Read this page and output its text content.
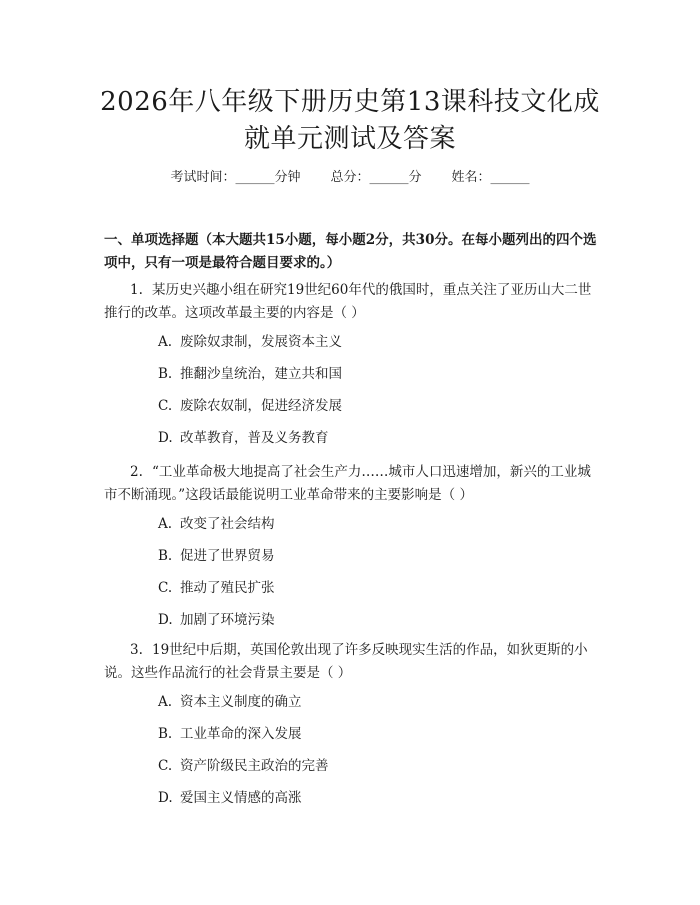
2026年八年级下册历史第13课科技文化成
就单元测试及答案
考试时间：______分钟 总分：______分 姓名：______
一、单项选择题（本大题共15小题，每小题2分，共30分。在每小题列出的四个选项中，只有一项是最符合题目要求的。）
1. 某历史兴趣小组在研究19世纪60年代的俄国时，重点关注了亚历山大二世推行的改革。这项改革最主要的内容是（ ）
A. 废除奴隶制，发展资本主义
B. 推翻沙皇统治，建立共和国
C. 废除农奴制，促进经济发展
D. 改革教育，普及义务教育
2. “工业革命极大地提高了社会生产力……城市人口迅速增加，新兴的工业城市不断涌现。”这段话最能说明工业革命带来的主要影响是（ ）
A. 改变了社会结构
B. 促进了世界贸易
C. 推动了殖民扩张
D. 加剧了环境污染
3. 19世纪中后期，英国伦敦出现了许多反映现实生活的作品，如狄更斯的小说。这些作品流行的社会背景主要是（ ）
A. 资本主义制度的确立
B. 工业革命的深入发展
C. 资产阶级民主政治的完善
D. 爱国主义情感的高涨
